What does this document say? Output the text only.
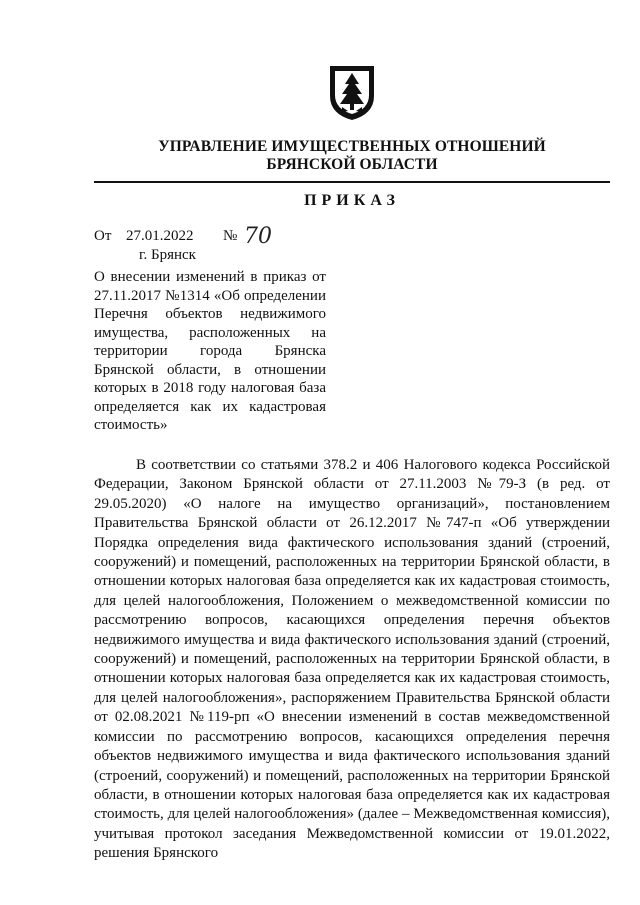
УПРАВЛЕНИЕ ИМУЩЕСТВЕННЫХ ОТНОШЕНИЙ
БРЯНСКОЙ ОБЛАСТИ
ПРИКАЗ
От 27.01.2022 № 70
г. Брянск
О внесении изменений в приказ от 27.11.2017 №1314 «Об определении Перечня объектов недвижимого имущества, расположенных на территории города Брянска Брянской области, в отношении которых в 2018 году налоговая база определяется как их кадастровая стоимость»
В соответствии со статьями 378.2 и 406 Налогового кодекса Российской Федерации, Законом Брянской области от 27.11.2003 №79-З (в ред. от 29.05.2020) «О налоге на имущество организаций», постановлением Правительства Брянской области от 26.12.2017 №747-п «Об утверждении Порядка определения вида фактического использования зданий (строений, сооружений) и помещений, расположенных на территории Брянской области, в отношении которых налоговая база определяется как их кадастровая стоимость, для целей налогообложения, Положением о межведомственной комиссии по рассмотрению вопросов, касающихся определения перечня объектов недвижимого имущества и вида фактического использования зданий (строений, сооружений) и помещений, расположенных на территории Брянской области, в отношении которых налоговая база определяется как их кадастровая стоимость, для целей налогообложения», распоряжением Правительства Брянской области от 02.08.2021 №119-рп «О внесении изменений в состав межведомственной комиссии по рассмотрению вопросов, касающихся определения перечня объектов недвижимого имущества и вида фактического использования зданий (строений, сооружений) и помещений, расположенных на территории Брянской области, в отношении которых налоговая база определяется как их кадастровая стоимость, для целей налогообложения» (далее – Межведомственная комиссия), учитывая протокол заседания Межведомственной комиссии от 19.01.2022, решения Брянского
